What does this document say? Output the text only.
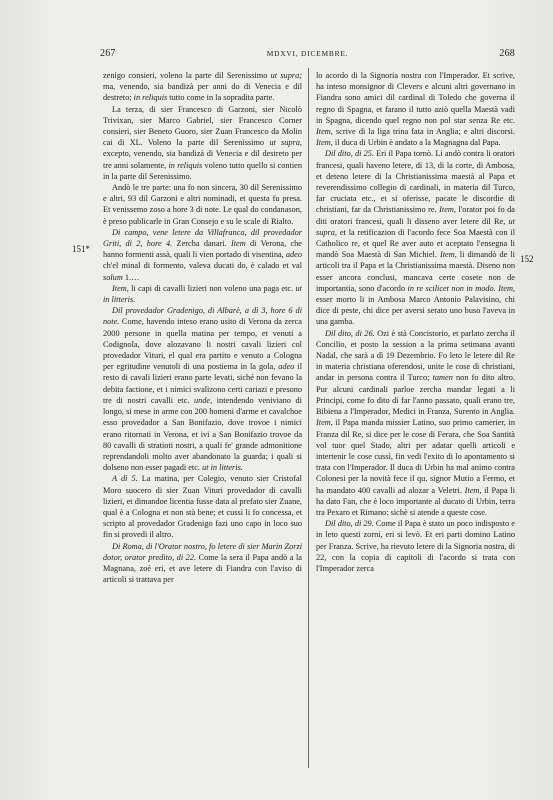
267	MDXVI, DICEMBRE.	268
151*
152

zenigo consieri, voleno la parte dil Serenissimo ut supra; ma, venendo, sia bandizà per anni do di Venecia e dil destreto; in reliquis tutto come in la sopradita parte.

La terza, di sier Francesco di Garzoni, sier Nicolò Trivixan, sier Marco Gabriel, sier Francesco Corner consieri, sier Beneto Guoro, sier Zuan Francesco da Molin cai di XL. Voleno la parte dil Serenissimo ut supra, excepto, venendo, sia bandizà di Venecia e dil destreto per tre anni solamente, in reliquis voleno tutto quello si contien in la parte dil Serenissimo.

Andò le tre parte: una fo non sincera, 30 dil Serenissimo e altri, 93 dil Garzoni e altri nominadi, et questa fu presa. Et venissemo zoso a hore 3 di note. Le qual do condanason, è preso publicarle in Gran Consejo e su le scale di Rialto.

Di campo, vene letere da Villafranca, dil provedador Griti, di 2, hore 4. Zercha danari. Item di Verona, che hanno formenti assà, quali li vien portado di visentina, adeo ch'el minal di formento, valeva ducati do, è calado et val solum 1.…

Item, li capi di cavalli lizieri non voleno una paga etc. ut in litteris.

Dil provedador Gradenigo, di Albarè, a dì 3, hore 6 di note. Come, havendo inteso erano usito di Verona da zerca 2000 persone in quella matina per tempo, et venuti a Codignola, dove alozavano li nostri cavali lizieri col provedador Vituri, el qual era partito e venuto a Cologna per egritudine venutoli di una postiema in la gola, adeo il resto di cavali lizieri erano parte levati, siché non fevano la debita factione, et i nimici svalizono certi cariazi e presono tre di nostri cavalli etc. unde, intendendo veniviano di longo, si mese in arme con 200 homeni d'arme et cavalchoe esso provedador a San Bonifazio, dove trovoe i nimici erano ritornati in Verona, et ivi a San Bonifazio trovoe da 80 cavalli di stratioti nostri, a quali fe' grande admonitione reprendandoli molto aver abandonato la guarda; i quali si dolseno non esser pagadi etc. ut in litteris.

A dì 5. La matina, per Colegio, venuto sier Cristofal Moro suocero di sier Zuan Vituri provedador di cavalli lizieri, et dimandoe licentia fusse data al prefato sier Zuane, qual è a Cologna et non stà bene; et cussì li fo concessa, et scripto al provedador Gradenigo fazi uno capo in loco suo fin si provedi il altro.

Di Roma, di l'Orator nostro, fo letere di sier Marin Zorzi dotor, orator predito, di 22. Come la sera il Papa andò a la Magnana, zoè eri, et ave letere di Fiandra con l'aviso di articoli si trattava per

lo acordo di la Signoria nostra con l'Imperador. Et scrive, ha inteso monsignor di Clevers e alcuni altri governano in Fiandra sono amici dil cardinal di Toledo che governa il regno di Spagna, et farano il tutto aziò quella Maestà vadi in Spagna, dicendo quel regno non pol star senza Re etc. Item, scrive di la liga trina fata in Anglia; e altri discorsi. Item, il duca di Urbin è andato a la Magnagna dal Papa.

Dil dito, di 25. Eri il Papa tornò. Li andò contra li oratori francesi, quali haveno letere, di 13, di la corte, di Ambosa, et deteno letere di la Christianissima maestà al Papa et reverendissimo collegio di cardinali, in materia dil Turco, far cruciata etc., et si oferisse, pacate le discordie di christiani, far da Christianissimo re. Item, l'orator poi fo da diti oratori francesi, quali li disseno aver letere dil Re, ut supra, et la retificazion di l'acordo fece Soa Maestà con il Catholico re, et quel Re aver auto et aceptato l'ensegna li mandò Soa Maestà di San Michiel. Item, li dimandò de li articoli tra il Papa et la Christianissima maestà. Diseno non esser ancora conclusi, mancava certe cosete non de importantia, sono d'acordo in re scilicet non in modo. Item, esser morto li in Ambosa Marco Antonio Palavisino, chi dice di peste, chi dice per aversi serato uno buso l'aveva in una gamba.

Dil dito, di 26. Ozi è stà Concistorio, et parlato zercha il Concilio, et posto la session a la prima setimana avanti Nadal, che sarà a dì 19 Dezembrio. Fo leto le letere dil Re in materia christiana oferendosi, unite le cose di christiani, andar in persona contra il Turco; tamen non fo dito altro. Pur alcuni cardinali parloe zercha mandar legati a li Principi, come fo dito di far l'anno passato, quali erano tre, Bibiena a l'Imperador, Medici in Franza, Surento in Anglia. Item, il Papa manda missier Latino, suo primo camerier, in Franza dil Re, si dice per le cose di Ferara, che Soa Santità vol tuor quel Stado, altri per adatar quelli articoli e intertenir le cose cussì, fin vedi l'exito di lo apontamento si trata con l'Imperador. Il duca di Urbin ha mal animo contra Colonesi per la novità fece il qu. signor Mutio a Fermo, et ha mandato 400 cavalli ad alozar a Veletri. Item, il Papa li ha dato Fan, che è loco importante al ducato di Urbin, terra tra Pexaro et Rimano: sichè si atende a queste cose.

Dil dito, di 29. Come il Papa è stato un poco indisposto e in leto questi zorni, eri si levò. Et eri parti domino Latino per Franza. Scrive, ha rievuto letere di la Signoria nostra, di 22, con la copia di capitoli di l'acordo si trata con l'Imperador zerca
